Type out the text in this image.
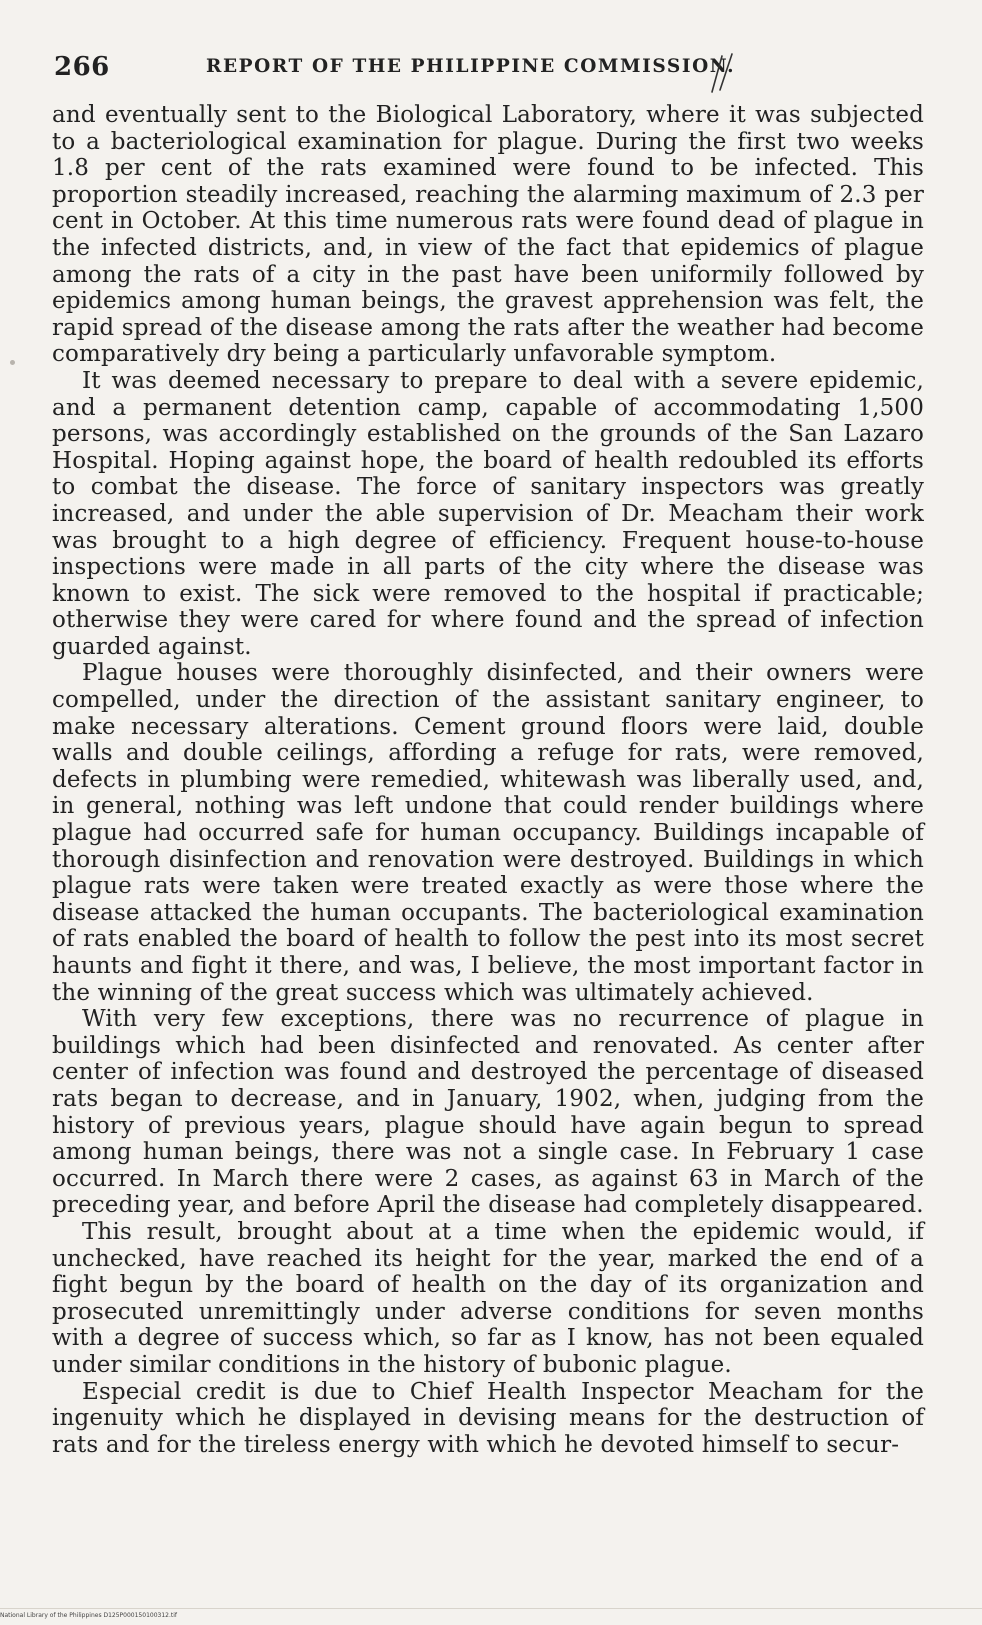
266	REPORT OF THE PHILIPPINE COMMISSION.

and eventually sent to the Biological Laboratory, where it was subjected to a bacteriological examination for plague. During the first two weeks 1.8 per cent of the rats examined were found to be infected. This proportion steadily increased, reaching the alarming maximum of 2.3 per cent in October. At this time numerous rats were found dead of plague in the infected districts, and, in view of the fact that epidemics of plague among the rats of a city in the past have been uniformily followed by epidemics among human beings, the gravest apprehension was felt, the rapid spread of the disease among the rats after the weather had become comparatively dry being a particularly unfavorable symptom.

It was deemed necessary to prepare to deal with a severe epidemic, and a permanent detention camp, capable of accommodating 1,500 persons, was accordingly established on the grounds of the San Lazaro Hospital. Hoping against hope, the board of health redoubled its efforts to combat the disease. The force of sanitary inspectors was greatly increased, and under the able supervision of Dr. Meacham their work was brought to a high degree of efficiency. Frequent house-to-house inspections were made in all parts of the city where the disease was known to exist. The sick were removed to the hospital if practicable; otherwise they were cared for where found and the spread of infection guarded against.

Plague houses were thoroughly disinfected, and their owners were compelled, under the direction of the assistant sanitary engineer, to make necessary alterations. Cement ground floors were laid, double walls and double ceilings, affording a refuge for rats, were removed, defects in plumbing were remedied, whitewash was liberally used, and, in general, nothing was left undone that could render buildings where plague had occurred safe for human occupancy. Buildings incapable of thorough disinfection and renovation were destroyed. Buildings in which plague rats were taken were treated exactly as were those where the disease attacked the human occupants. The bacteriological examination of rats enabled the board of health to follow the pest into its most secret haunts and fight it there, and was, I believe, the most important factor in the winning of the great success which was ultimately achieved.

With very few exceptions, there was no recurrence of plague in buildings which had been disinfected and renovated. As center after center of infection was found and destroyed the percentage of diseased rats began to decrease, and in January, 1902, when, judging from the history of previous years, plague should have again begun to spread among human beings, there was not a single case. In February 1 case occurred. In March there were 2 cases, as against 63 in March of the preceding year, and before April the disease had completely disappeared.

This result, brought about at a time when the epidemic would, if unchecked, have reached its height for the year, marked the end of a fight begun by the board of health on the day of its organization and prosecuted unremittingly under adverse conditions for seven months with a degree of success which, so far as I know, has not been equaled under similar conditions in the history of bubonic plague.

Especial credit is due to Chief Health Inspector Meacham for the ingenuity which he displayed in devising means for the destruction of rats and for the tireless energy with which he devoted himself to secur-

National Library of the Philippines D125P000150100312.tif
